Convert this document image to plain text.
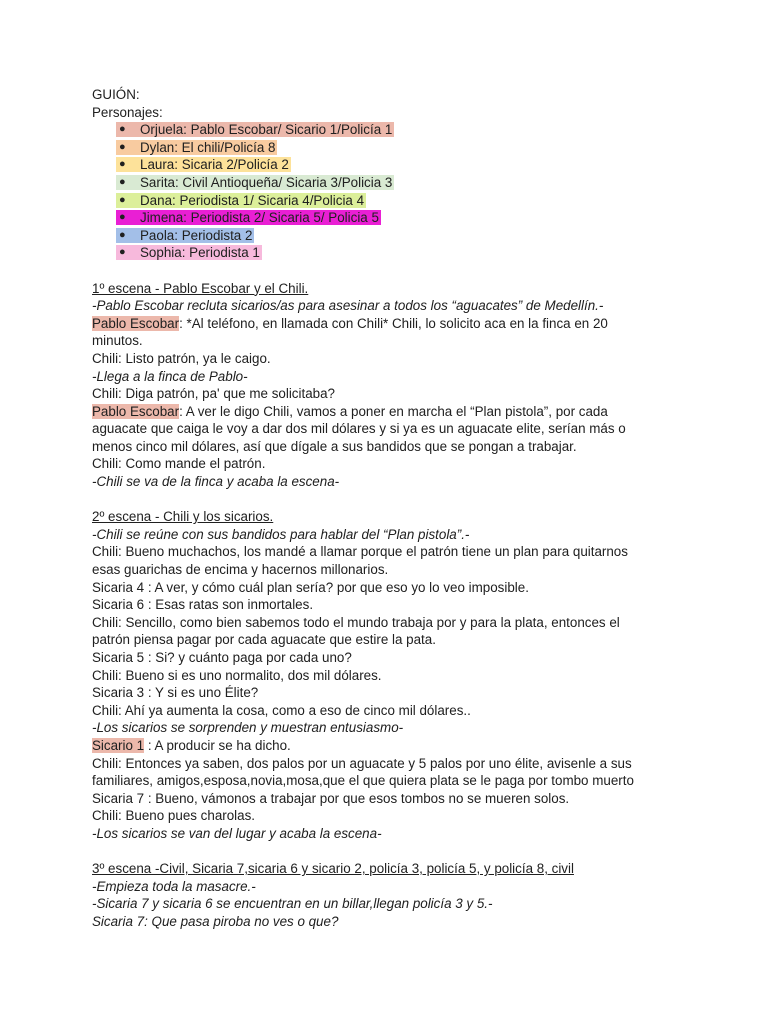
GUIÓN:
Personajes:
●	Orjuela: Pablo Escobar/ Sicario 1/Policía 1
●	Dylan: El chili/Policía 8
●	Laura: Sicaria 2/Policía 2
●	Sarita: Civil Antioqueña/ Sicaria 3/Policia 3
●	Dana: Periodista 1/ Sicaria 4/Policia 4
●	Jimena: Periodista 2/ Sicaria 5/ Policia 5
●	Paola: Periodista 2
●	Sophia: Periodista 1
1º escena - Pablo Escobar y el Chili.
-Pablo Escobar recluta sicarios/as para asesinar a todos los “aguacates” de Medellín.-
Pablo Escobar: *Al teléfono, en llamada con Chili* Chili, lo solicito aca en la finca en 20
minutos.
Chili: Listo patrón, ya le caigo.
-Llega a la finca de Pablo-
Chili: Diga patrón, pa' que me solicitaba?
Pablo Escobar: A ver le digo Chili, vamos a poner en marcha el “Plan pistola”, por cada
aguacate que caiga le voy a dar dos mil dólares y si ya es un aguacate elite, serían más o
menos cinco mil dólares, así que dígale a sus bandidos que se pongan a trabajar.
Chili: Como mande el patrón.
-Chili se va de la finca y acaba la escena-
2º escena - Chili y los sicarios.
-Chili se reúne con sus bandidos para hablar del “Plan pistola”.-
Chili: Bueno muchachos, los mandé a llamar porque el patrón tiene un plan para quitarnos
esas guarichas de encima y hacernos millonarios.
Sicaria 4 : A ver, y cómo cuál plan sería? por que eso yo lo veo imposible.
Sicaria 6 : Esas ratas son inmortales.
Chili: Sencillo, como bien sabemos todo el mundo trabaja por y para la plata, entonces el
patrón piensa pagar por cada aguacate que estire la pata.
Sicaria 5 : Si? y cuánto paga por cada uno?
Chili: Bueno si es uno normalito, dos mil dólares.
Sicaria 3 : Y si es uno Élite?
Chili: Ahí ya aumenta la cosa, como a eso de cinco mil dólares..
-Los sicarios se sorprenden y muestran entusiasmo-
Sicario 1 : A producir se ha dicho.
Chili: Entonces ya saben, dos palos por un aguacate y 5 palos por uno élite, avisenle a sus
familiares, amigos,esposa,novia,mosa,que el que quiera plata se le paga por tombo muerto
Sicaria 7 : Bueno, vámonos a trabajar por que esos tombos no se mueren solos.
Chili: Bueno pues charolas.
-Los sicarios se van del lugar y acaba la escena-
3º escena -Civil, Sicaria 7,sicaria 6 y sicario 2, policía 3, policía 5, y policía 8, civil
-Empieza toda la masacre.-
-Sicaria 7 y sicaria 6 se encuentran en un billar,llegan policía 3 y 5.-
Sicaria 7: Que pasa piroba no ves o que?
